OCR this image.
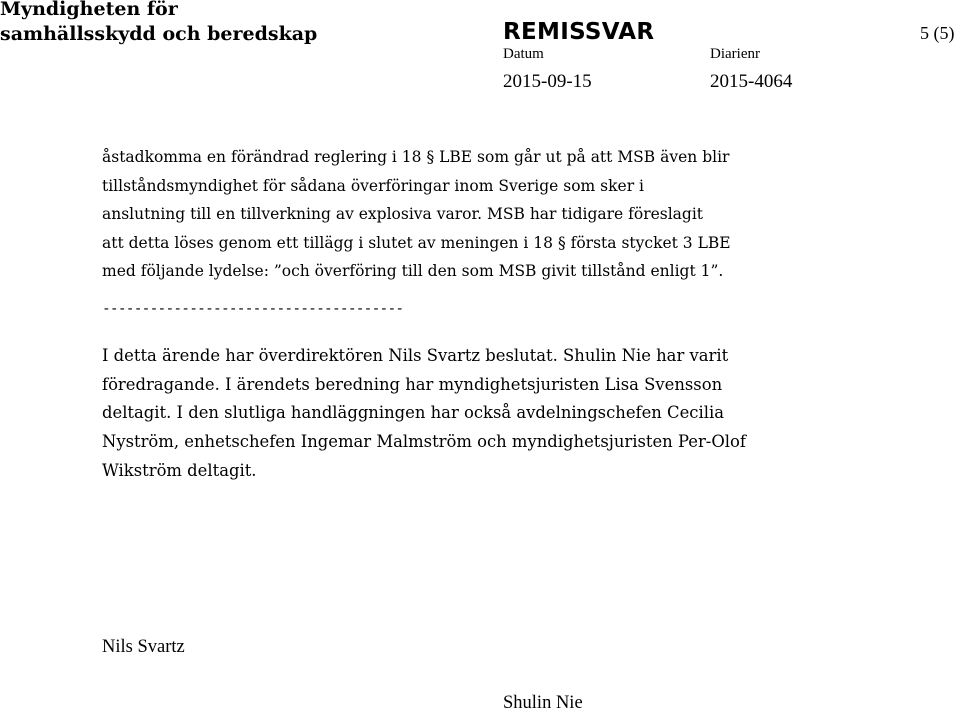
Myndigheten för
samhällsskydd och beredskap	REMISSVAR	5 (5)
Datum	Diarienr
2015-09-15	2015-4064
åstadkomma en förändrad reglering i 18 § LBE som går ut på att MSB även blir
tillståndsmyndighet för sådana överföringar inom Sverige som sker i
anslutning till en tillverkning av explosiva varor. MSB har tidigare föreslagit
att detta löses genom ett tillägg i slutet av meningen i 18 § första stycket 3 LBE
med följande lydelse: ”och överföring till den som MSB givit tillstånd enligt 1”.
--------------------------------------
I detta ärende har överdirektören Nils Svartz beslutat. Shulin Nie har varit
föredragande. I ärendets beredning har myndighetsjuristen Lisa Svensson
deltagit. I den slutliga handläggningen har också avdelningschefen Cecilia
Nyström, enhetschefen Ingemar Malmström och myndighetsjuristen Per-Olof
Wikström deltagit.
Nils Svartz
Shulin Nie
